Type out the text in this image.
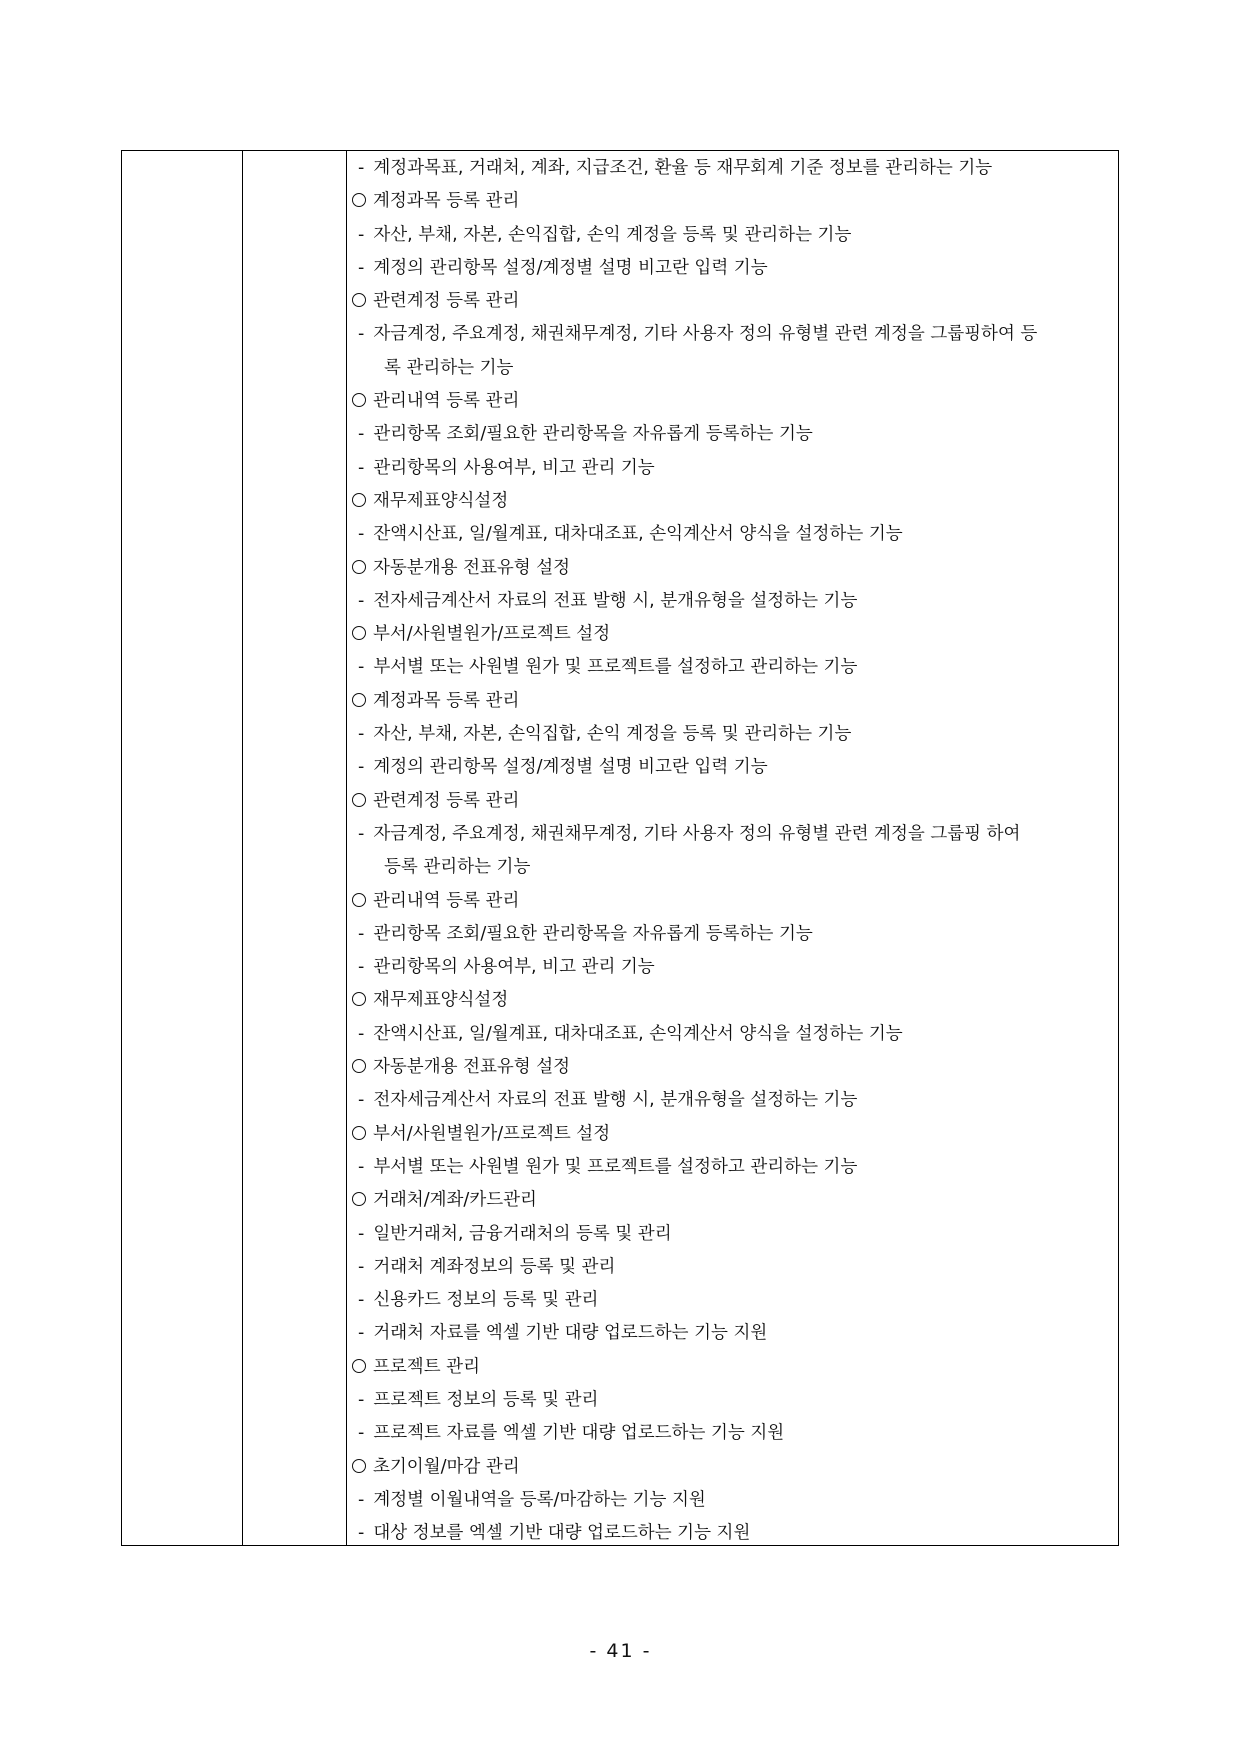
- 계정과목표, 거래처, 계좌, 지급조건, 환율 등 재무회계 기준 정보를 관리하는 기능
계정과목 등록 관리
- 자산, 부채, 자본, 손익집합, 손익 계정을 등록 및 관리하는 기능
- 계정의 관리항목 설정/계정별 설명 비고란 입력 기능
관련계정 등록 관리
- 자금계정, 주요계정, 채권채무계정, 기타 사용자 정의 유형별 관련 계정을 그룹핑하여 등
록 관리하는 기능
관리내역 등록 관리
- 관리항목 조회/필요한 관리항목을 자유롭게 등록하는 기능
- 관리항목의 사용여부, 비고 관리 기능
재무제표양식설정
- 잔액시산표, 일/월계표, 대차대조표, 손익계산서 양식을 설정하는 기능
자동분개용 전표유형 설정
- 전자세금계산서 자료의 전표 발행 시, 분개유형을 설정하는 기능
부서/사원별원가/프로젝트 설정
- 부서별 또는 사원별 원가 및 프로젝트를 설정하고 관리하는 기능
계정과목 등록 관리
- 자산, 부채, 자본, 손익집합, 손익 계정을 등록 및 관리하는 기능
- 계정의 관리항목 설정/계정별 설명 비고란 입력 기능
관련계정 등록 관리
- 자금계정, 주요계정, 채권채무계정, 기타 사용자 정의 유형별 관련 계정을 그룹핑 하여
등록 관리하는 기능
관리내역 등록 관리
- 관리항목 조회/필요한 관리항목을 자유롭게 등록하는 기능
- 관리항목의 사용여부, 비고 관리 기능
재무제표양식설정
- 잔액시산표, 일/월계표, 대차대조표, 손익계산서 양식을 설정하는 기능
자동분개용 전표유형 설정
- 전자세금계산서 자료의 전표 발행 시, 분개유형을 설정하는 기능
부서/사원별원가/프로젝트 설정
- 부서별 또는 사원별 원가 및 프로젝트를 설정하고 관리하는 기능
거래처/계좌/카드관리
- 일반거래처, 금융거래처의 등록 및 관리
- 거래처 계좌정보의 등록 및 관리
- 신용카드 정보의 등록 및 관리
- 거래처 자료를 엑셀 기반 대량 업로드하는 기능 지원
프로젝트 관리
- 프로젝트 정보의 등록 및 관리
- 프로젝트 자료를 엑셀 기반 대량 업로드하는 기능 지원
초기이월/마감 관리
- 계정별 이월내역을 등록/마감하는 기능 지원
- 대상 정보를 엑셀 기반 대량 업로드하는 기능 지원
- 41 -
